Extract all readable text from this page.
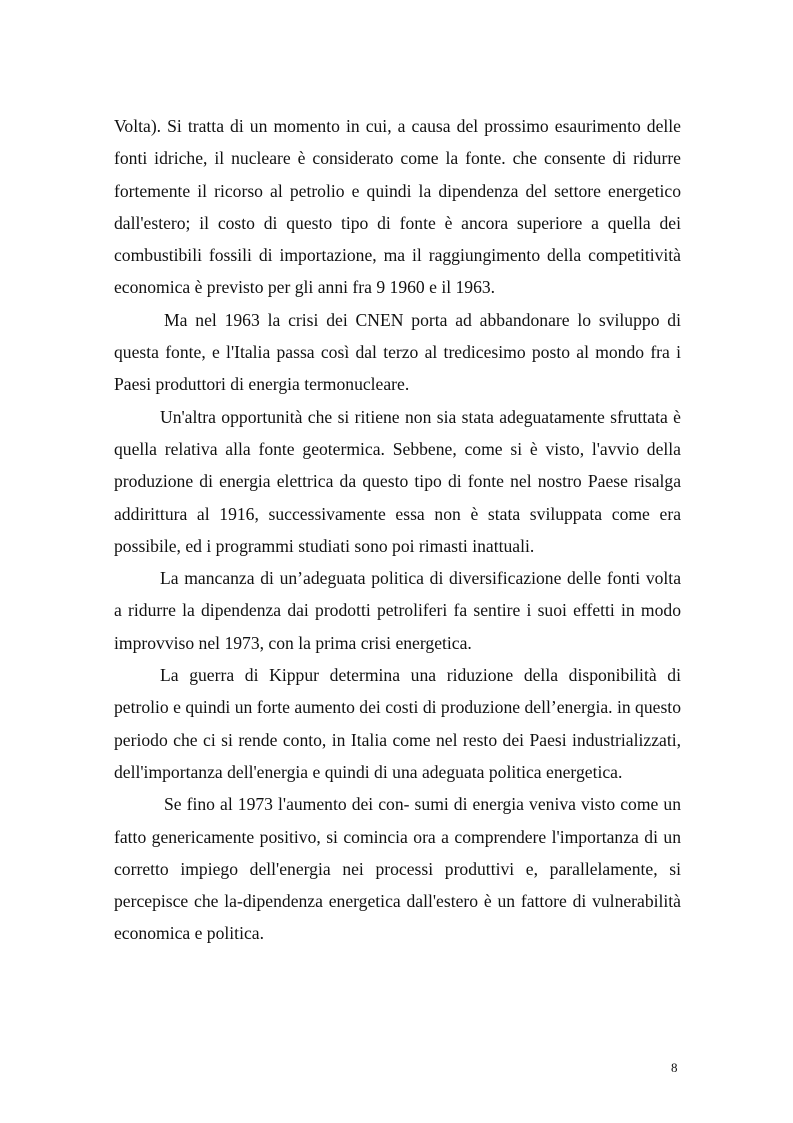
Volta). Si tratta di un momento in cui, a causa del prossimo esaurimento delle fonti idriche, il nucleare è considerato come la fonte. che consente di ridurre fortemente il ricorso al petrolio e quindi la dipendenza del settore energetico dall'estero; il costo di questo tipo di fonte è ancora superiore a quella dei combustibili fossili di importazione, ma il raggiungimento della competitività economica è previsto per gli anni fra 9 1960 e il 1963.

Ma nel 1963 la crisi dei CNEN porta ad abbandonare lo sviluppo di questa fonte, e l'Italia passa così dal terzo al tredicesimo posto al mondo fra i Paesi produttori di energia termonucleare.

Un'altra opportunità che si ritiene non sia stata adeguatamente sfruttata è quella relativa alla fonte geotermica. Sebbene, come si è visto, l'avvio della produzione di energia elettrica da questo tipo di fonte nel nostro Paese risalga addirittura al 1916, successivamente essa non è stata sviluppata come era possibile, ed i programmi studiati sono poi rimasti inattuali.

La mancanza di un’adeguata politica di diversificazione delle fonti volta a ridurre la dipendenza dai prodotti petroliferi fa sentire i suoi effetti in modo improvviso nel 1973, con la prima crisi energetica.

La guerra di Kippur determina una riduzione della disponibilità di petrolio e quindi un forte aumento dei costi di produzione dell’energia. in questo periodo che ci si rende conto, in Italia come nel resto dei Paesi industrializzati, dell'importanza dell'energia e quindi di una adeguata politica energetica.

Se fino al 1973 l'aumento dei con- sumi di energia veniva visto come un fatto genericamente positivo, si comincia ora a comprendere l'importanza di un corretto impiego dell'energia nei processi produttivi e, parallelamente, si percepisce che la-dipendenza energetica dall'estero è un fattore di vulnerabilità economica e politica.

8
